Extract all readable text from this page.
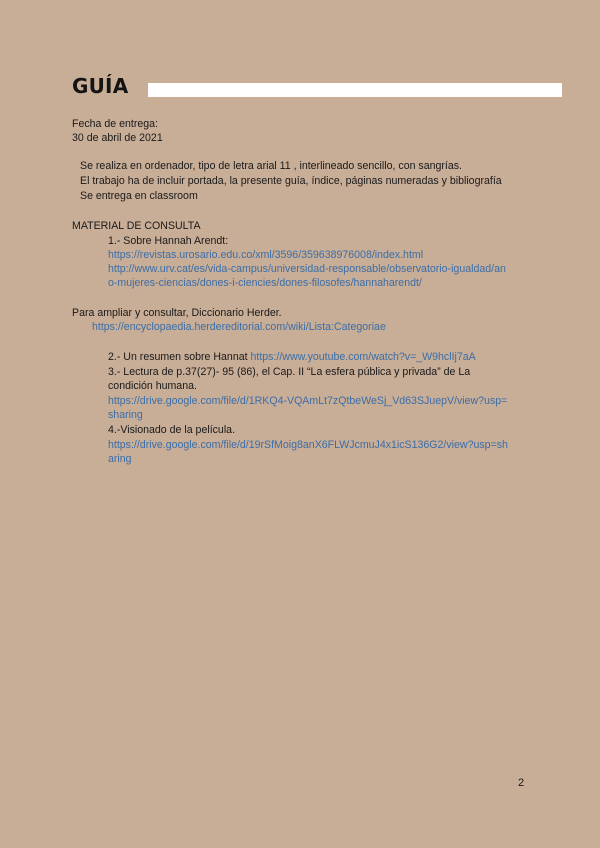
GUÍA
Fecha de entrega:
30 de abril de 2021
Se realiza en ordenador, tipo de letra arial 11 , interlineado sencillo, con sangrías.
El trabajo ha de incluir portada, la presente guía, índice, páginas numeradas y bibliografía
Se entrega en classroom
MATERIAL DE CONSULTA
1.- Sobre Hannah Arendt:
https://revistas.urosario.edu.co/xml/3596/359638976008/index.html
http://www.urv.cat/es/vida-campus/universidad-responsable/observatorio-igualdad/an
o-mujeres-ciencias/dones-i-ciencies/dones-filosofes/hannaharendt/
Para ampliar y consultar, Diccionario Herder.
https://encyclopaedia.herdereditorial.com/wiki/Lista:Categoriae
2.- Un resumen sobre Hannat https://www.youtube.com/watch?v=_W9hclIj7aA
3.- Lectura de p.37(27)- 95 (86), el Cap. II “La esfera pública y privada” de La
condición humana.
https://drive.google.com/file/d/1RKQ4-VQAmLt7zQtbeWeSj_Vd63SJuepV/view?usp=
sharing
4.-Visionado de la película.
https://drive.google.com/file/d/19rSfMoig8anX6FLWJcmuJ4x1icS136G2/view?usp=sh
aring
2
